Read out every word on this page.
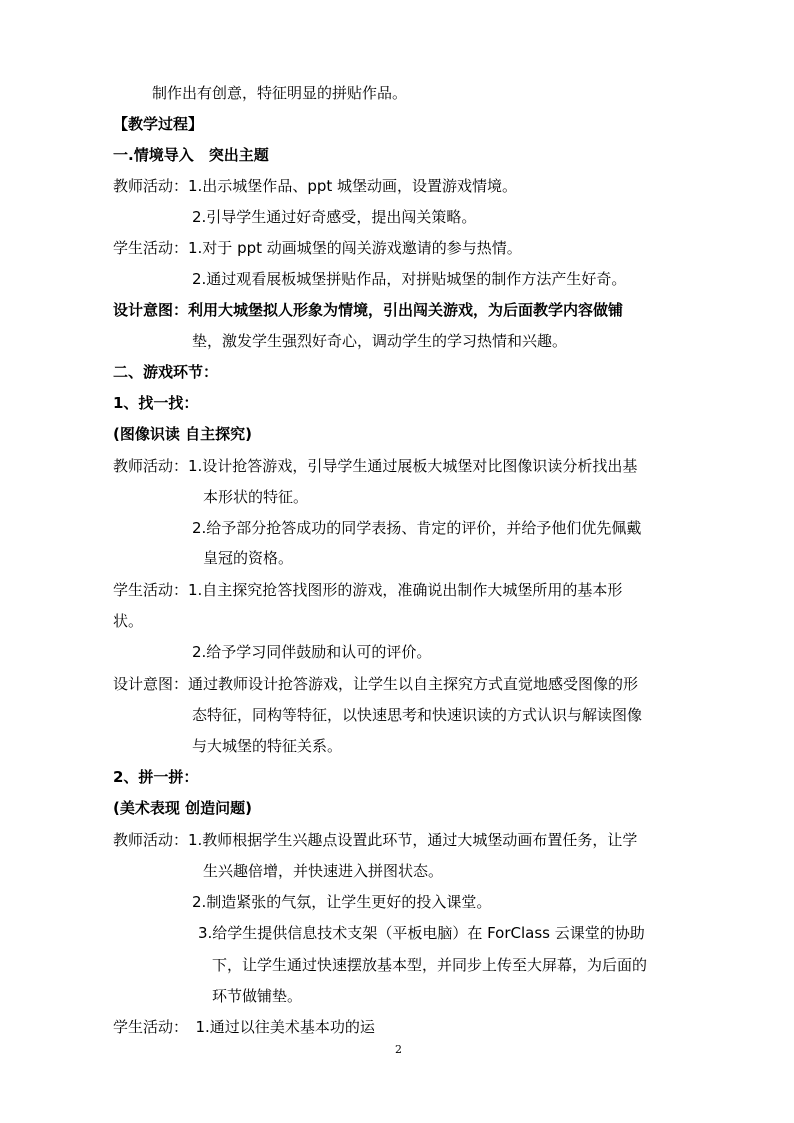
制作出有创意，特征明显的拼贴作品。
【教学过程】
一.情境导入　突出主题
教师活动：1.出示城堡作品、ppt 城堡动画，设置游戏情境。
2.引导学生通过好奇感受，提出闯关策略。
学生活动：1.对于 ppt 动画城堡的闯关游戏邀请的参与热情。
2.通过观看展板城堡拼贴作品，对拼贴城堡的制作方法产生好奇。
设计意图：利用大城堡拟人形象为情境，引出闯关游戏，为后面教学内容做铺
垫，激发学生强烈好奇心，调动学生的学习热情和兴趣。
二、游戏环节：
1、找一找：
(图像识读 自主探究)
教师活动：1.设计抢答游戏，引导学生通过展板大城堡对比图像识读分析找出基
本形状的特征。
2.给予部分抢答成功的同学表扬、肯定的评价，并给予他们优先佩戴
皇冠的资格。
学生活动：1.自主探究抢答找图形的游戏，准确说出制作大城堡所用的基本形
状。
2.给予学习同伴鼓励和认可的评价。
设计意图：通过教师设计抢答游戏，让学生以自主探究方式直觉地感受图像的形
态特征，同构等特征，以快速思考和快速识读的方式认识与解读图像
与大城堡的特征关系。
2、拼一拼：
(美术表现 创造问题)
教师活动：1.教师根据学生兴趣点设置此环节，通过大城堡动画布置任务，让学
生兴趣倍增，并快速进入拼图状态。
2.制造紧张的气氛，让学生更好的投入课堂。
3.给学生提供信息技术支架（平板电脑）在 ForClass 云课堂的协助
下，让学生通过快速摆放基本型，并同步上传至大屏幕，为后面的
环节做铺垫。
学生活动：　1.通过以往美术基本功的运
2
